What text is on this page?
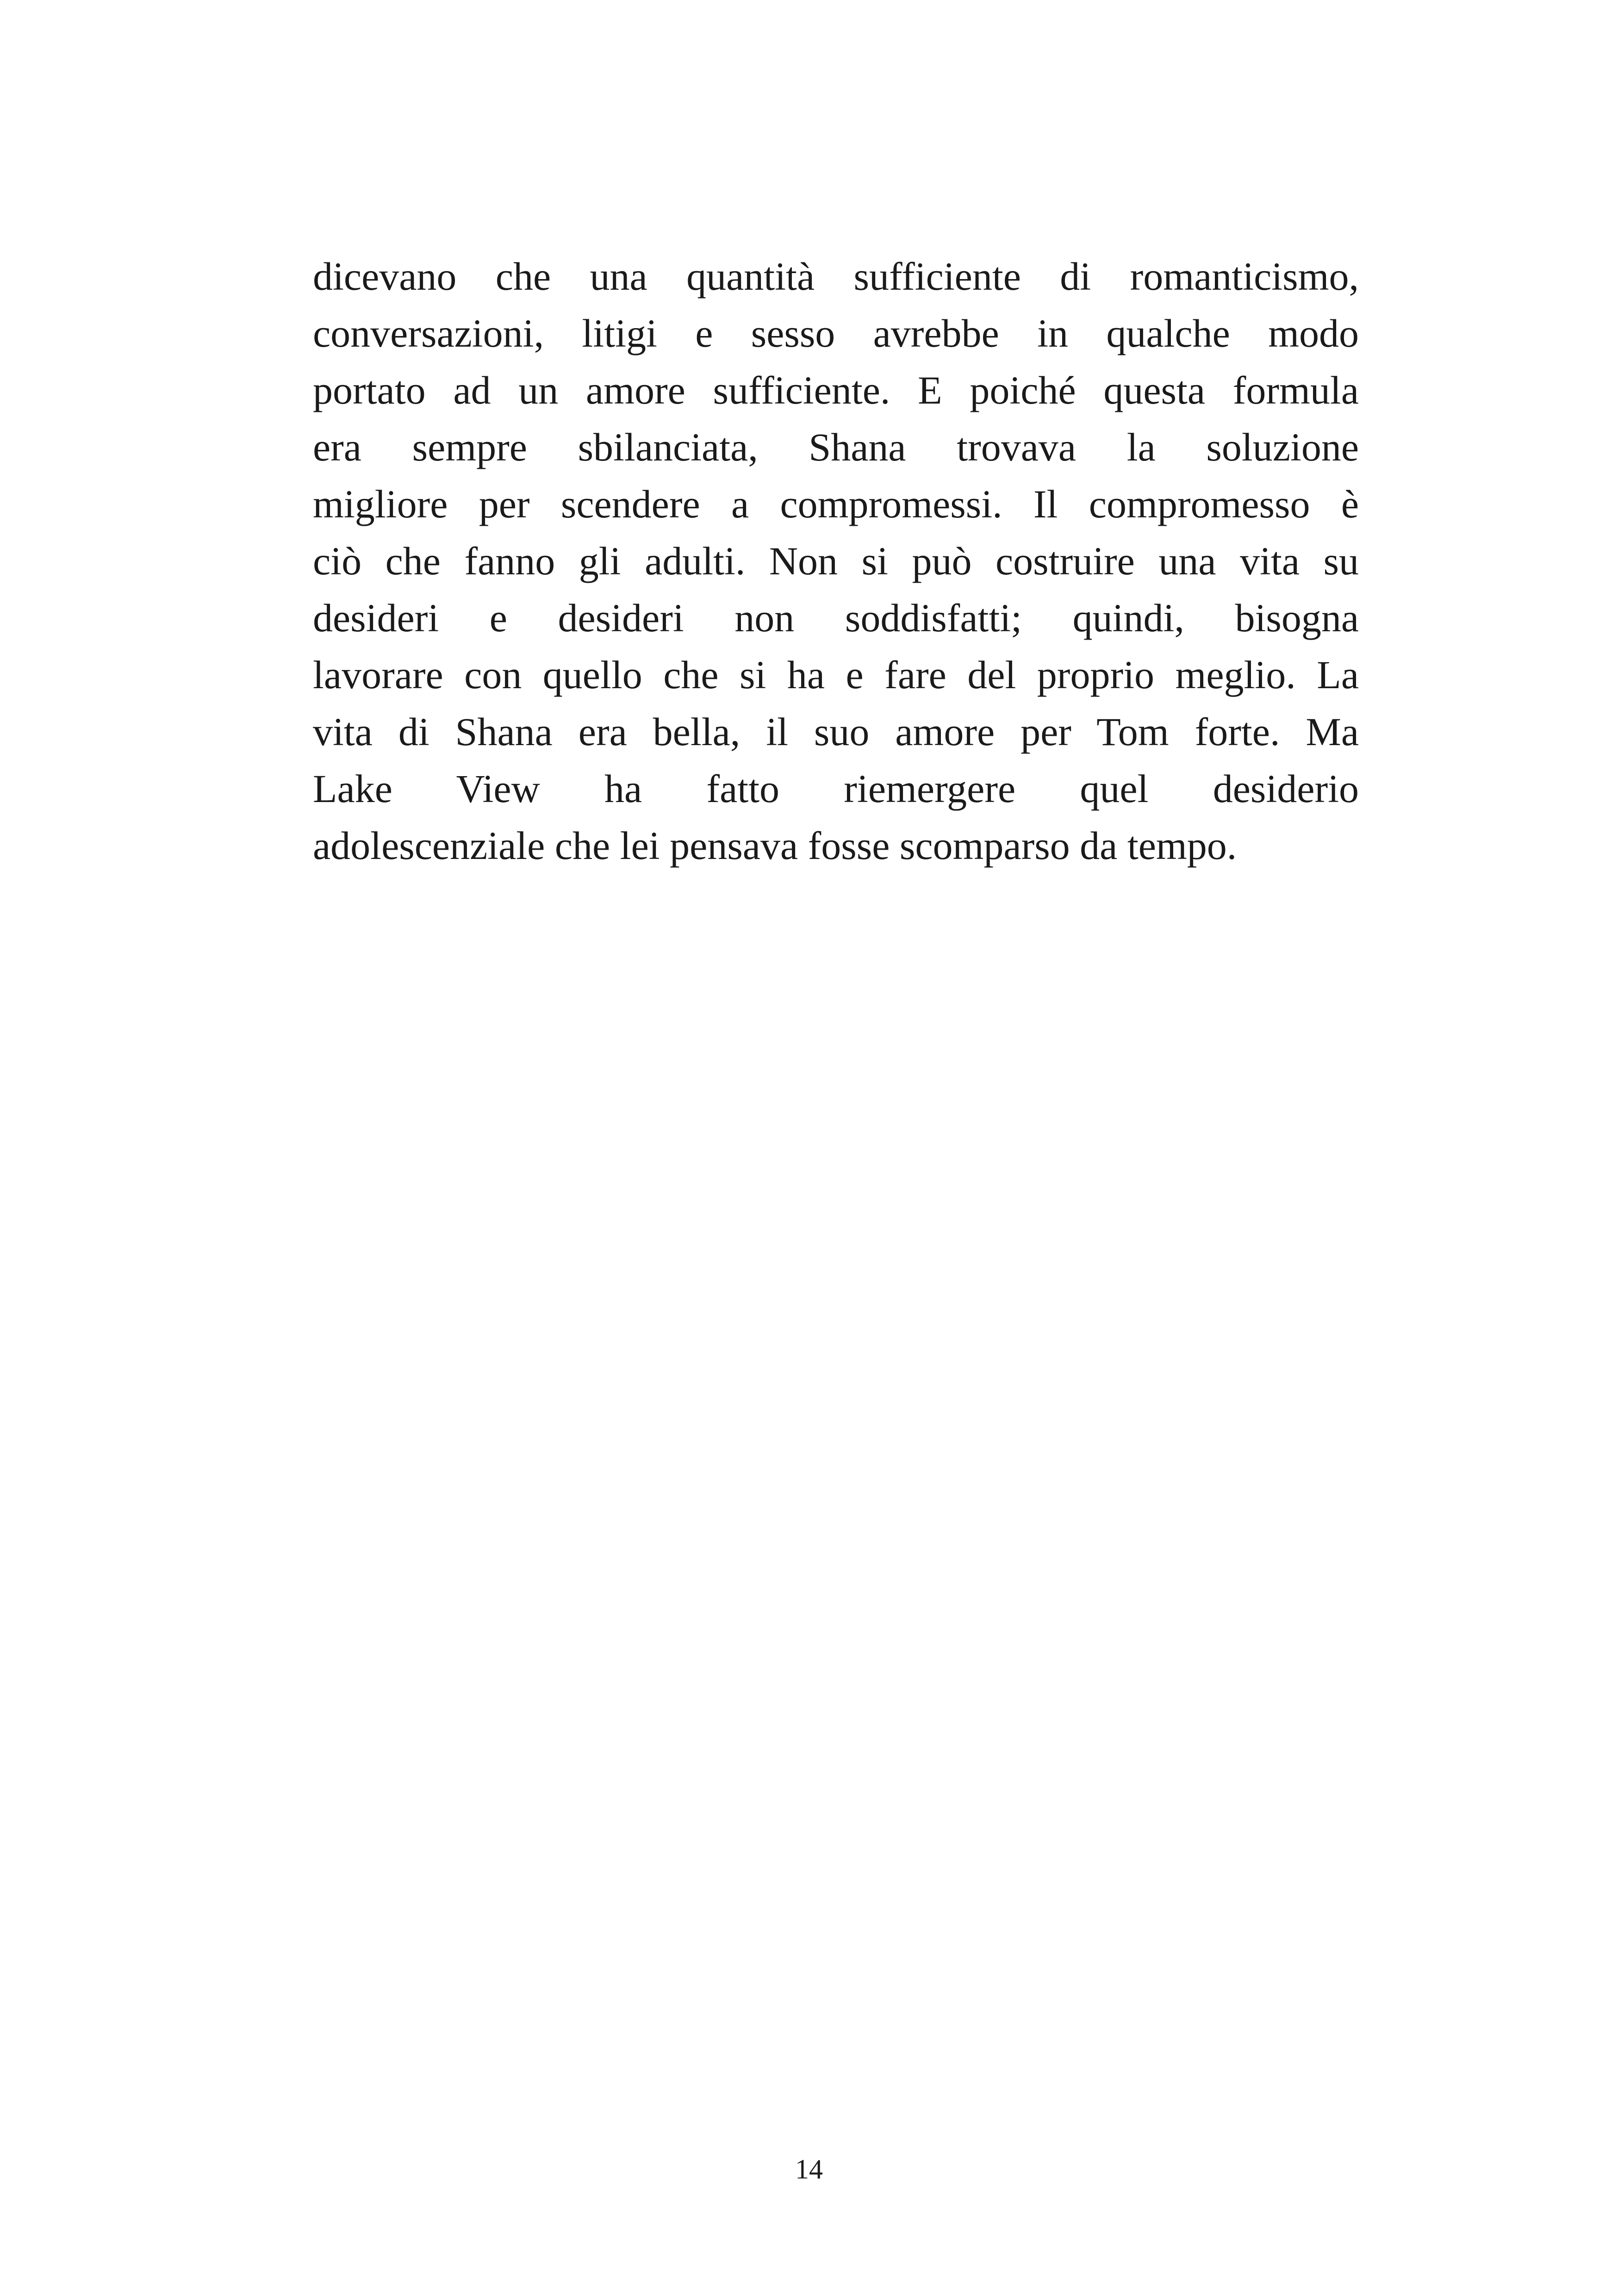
dicevano che una quantità sufficiente di romanticismo,
conversazioni, litigi e sesso avrebbe in qualche modo
portato ad un amore sufficiente. E poiché questa formula
era sempre sbilanciata, Shana trovava la soluzione
migliore per scendere a compromessi. Il compromesso è
ciò che fanno gli adulti. Non si può costruire una vita su
desideri e desideri non soddisfatti; quindi, bisogna
lavorare con quello che si ha e fare del proprio meglio. La
vita di Shana era bella, il suo amore per Tom forte. Ma
Lake View ha fatto riemergere quel desiderio
adolescenziale che lei pensava fosse scomparso da tempo.
14
